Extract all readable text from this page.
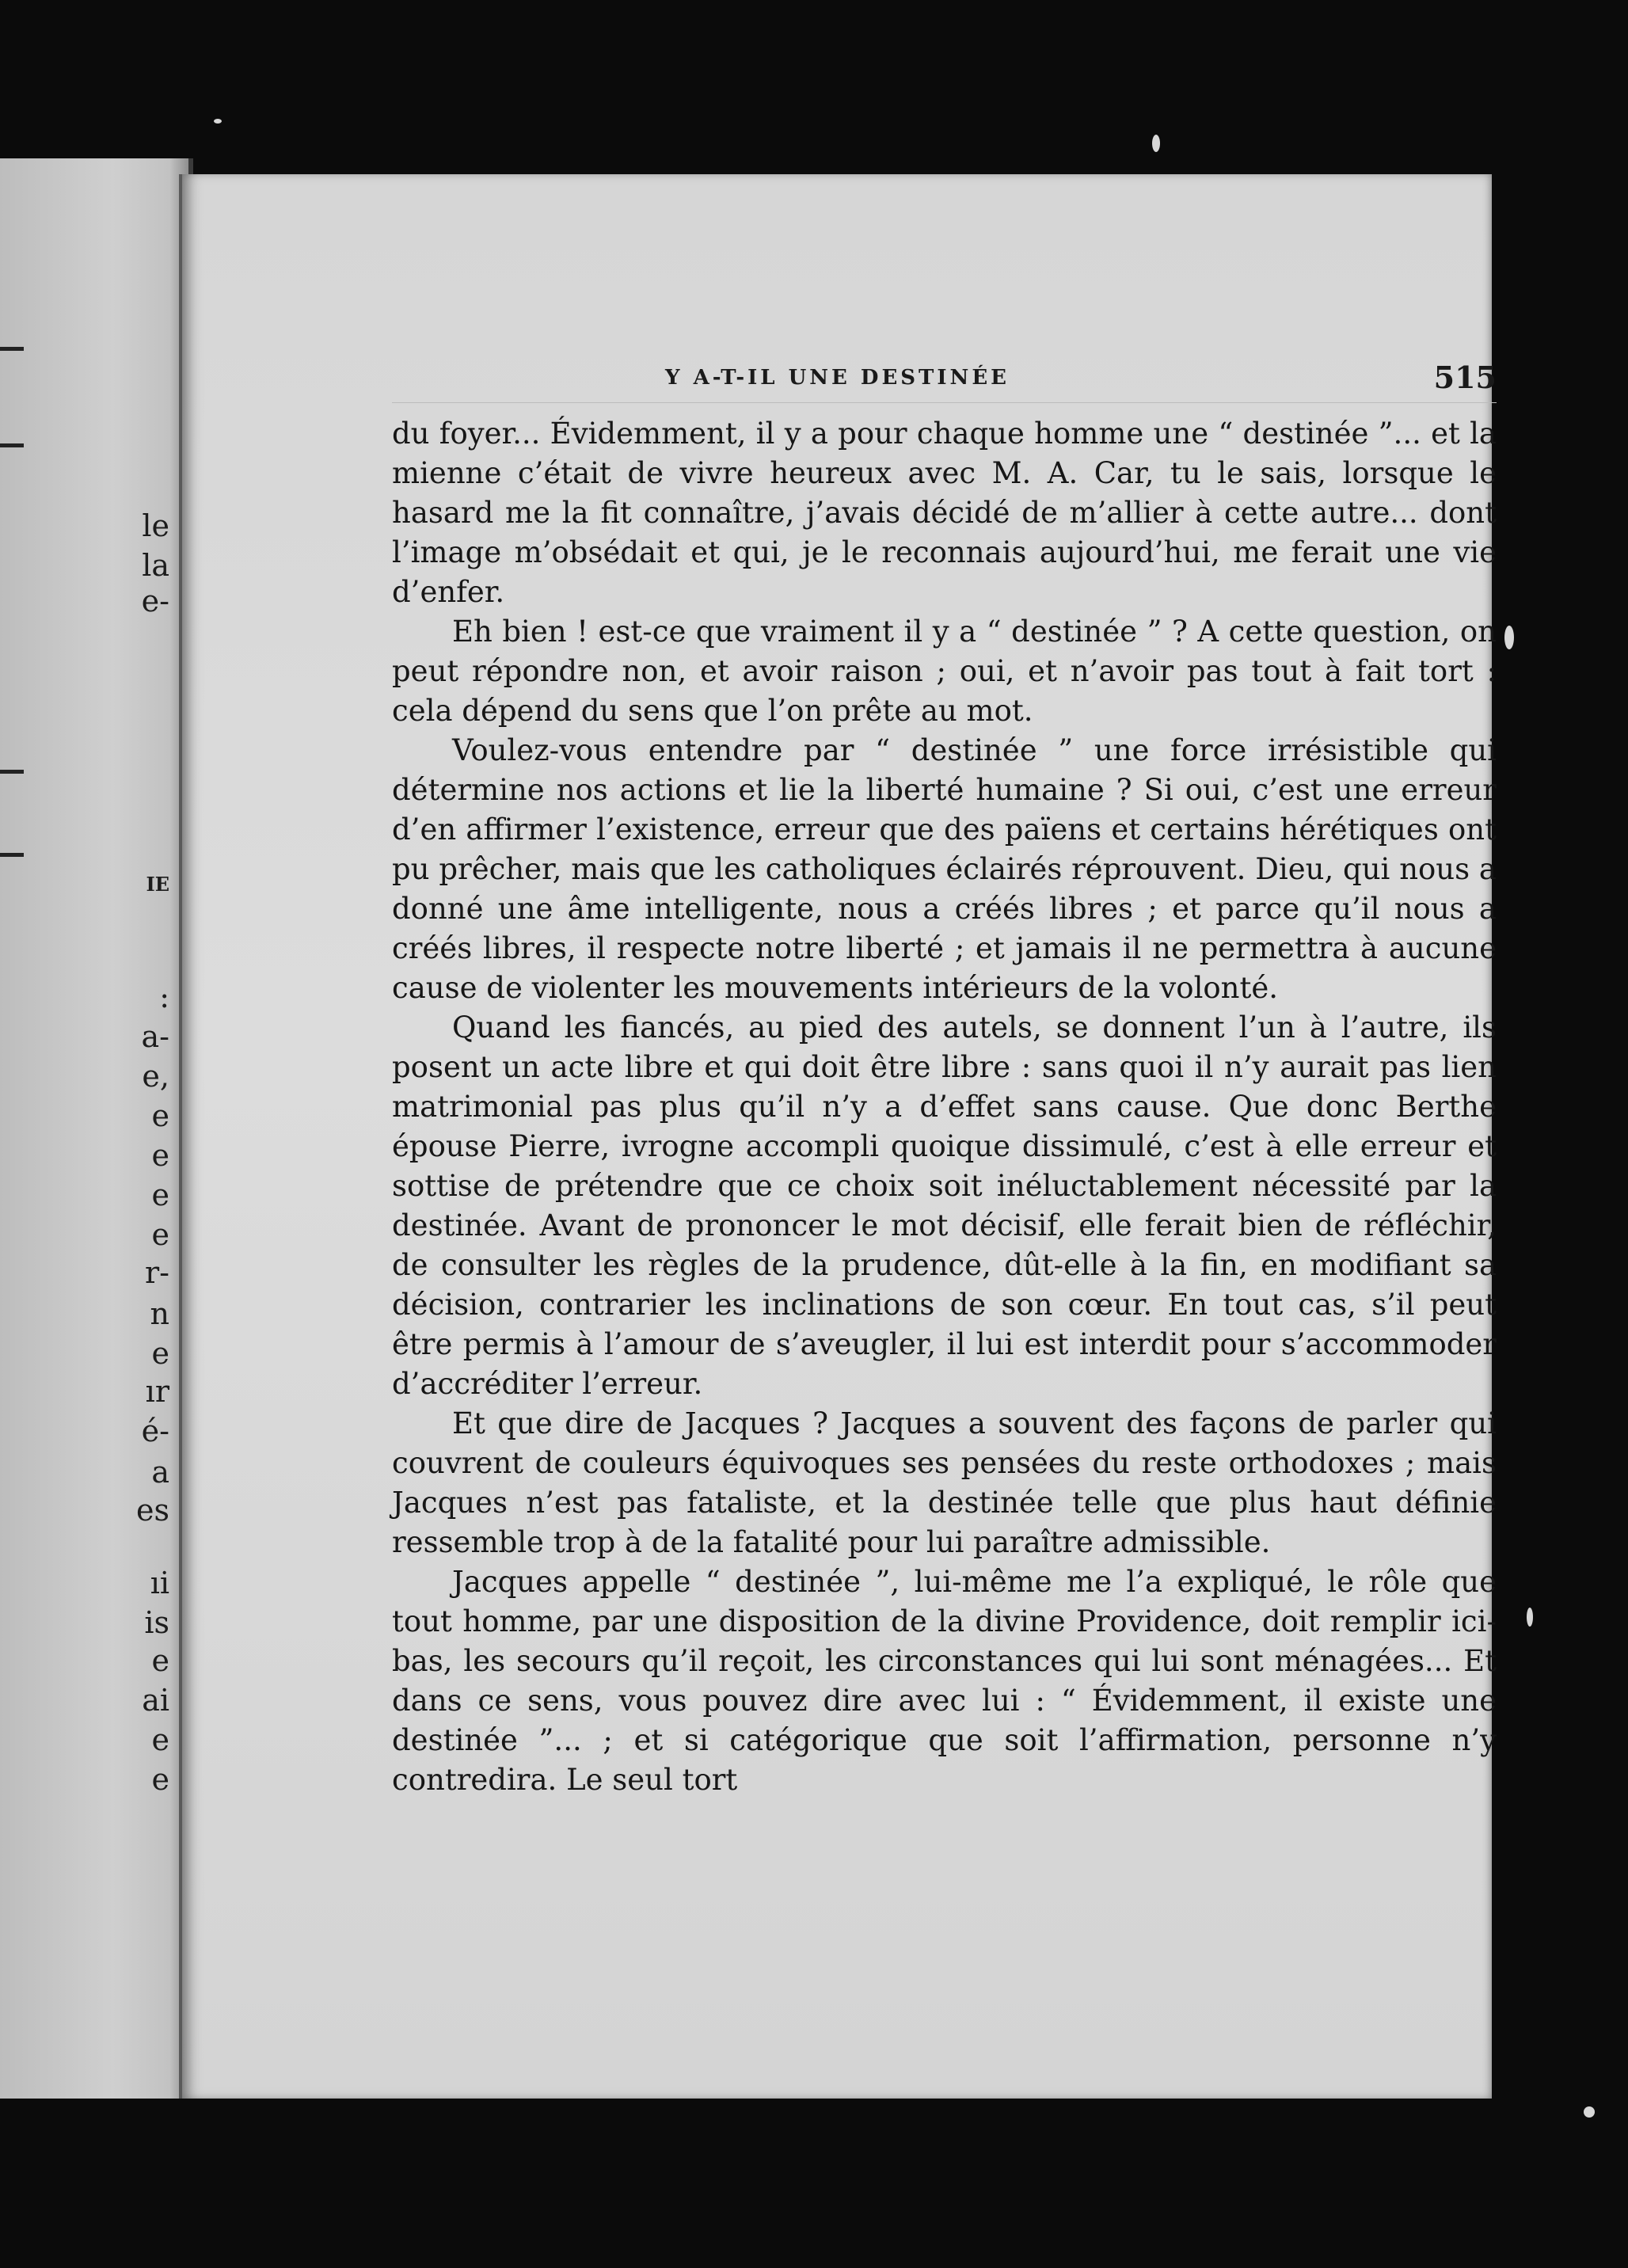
le
la
e-
IE
:
a-
e,
e
e
e
e
r-
n
e
ır
é-
a
es
ıi
is
e
ai
e
e
Y A-T-IL UNE DESTINÉE	515

du foyer... Évidemment, il y a pour chaque homme une “ destinée ”... et la mienne c’était de vivre heureux avec M. A. Car, tu le sais, lorsque le hasard me la fit connaître, j’avais décidé de m’allier à cette autre... dont l’image m’obsédait et qui, je le reconnais aujourd’hui, me ferait une vie d’enfer.

Eh bien ! est-ce que vraiment il y a “ destinée ” ? A cette question, on peut répondre non, et avoir raison ; oui, et n’avoir pas tout à fait tort : cela dépend du sens que l’on prête au mot.

Voulez-vous entendre par “ destinée ” une force irrésistible qui détermine nos actions et lie la liberté humaine ? Si oui, c’est une erreur d’en affirmer l’existence, erreur que des païens et certains hérétiques ont pu prêcher, mais que les catholiques éclairés réprouvent. Dieu, qui nous a donné une âme intelligente, nous a créés libres ; et parce qu’il nous a créés libres, il respecte notre liberté ; et jamais il ne permettra à aucune cause de violenter les mouvements intérieurs de la volonté.

Quand les fiancés, au pied des autels, se donnent l’un à l’autre, ils posent un acte libre et qui doit être libre : sans quoi il n’y aurait pas lien matrimonial pas plus qu’il n’y a d’effet sans cause. Que donc Berthe épouse Pierre, ivrogne accompli quoique dissimulé, c’est à elle erreur et sottise de prétendre que ce choix soit inéluctablement nécessité par la destinée. Avant de prononcer le mot décisif, elle ferait bien de réfléchir, de consulter les règles de la prudence, dût-elle à la fin, en modifiant sa décision, contrarier les inclinations de son cœur. En tout cas, s’il peut être permis à l’amour de s’aveugler, il lui est interdit pour s’accommoder d’accréditer l’erreur.

Et que dire de Jacques ? Jacques a souvent des façons de parler qui couvrent de couleurs équivoques ses pensées du reste orthodoxes ; mais Jacques n’est pas fataliste, et la destinée telle que plus haut définie ressemble trop à de la fatalité pour lui paraître admissible.

Jacques appelle “ destinée ”, lui-même me l’a expliqué, le rôle que tout homme, par une disposition de la divine Providence, doit remplir ici-bas, les secours qu’il reçoit, les circonstances qui lui sont ménagées... Et dans ce sens, vous pouvez dire avec lui : “ Évidemment, il existe une destinée ”... ; et si catégorique que soit l’affirmation, personne n’y contredira. Le seul tort
